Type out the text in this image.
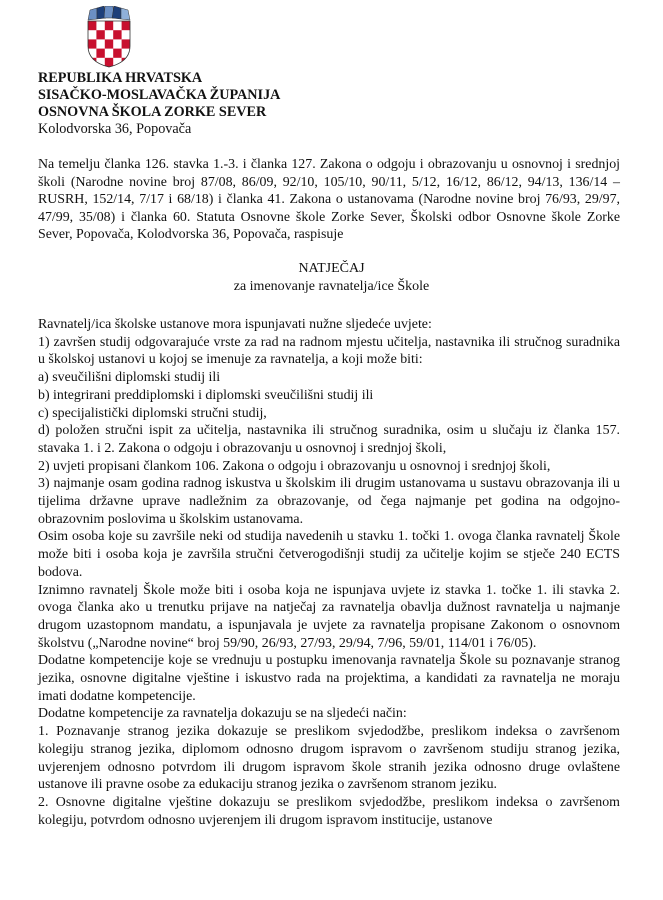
REPUBLIKA HRVATSKA
SISAČKO-MOSLAVAČKA ŽUPANIJA
OSNOVNA ŠKOLA ZORKE SEVER
Kolodvorska 36, Popovača
Na temelju članka 126. stavka 1.-3. i članka 127. Zakona o odgoju i obrazovanju u osnovnoj i srednjoj školi (Narodne novine broj 87/08, 86/09, 92/10, 105/10, 90/11, 5/12, 16/12, 86/12, 94/13, 136/14 – RUSRH, 152/14, 7/17 i 68/18) i članka 41. Zakona o ustanovama (Narodne novine broj 76/93, 29/97, 47/99, 35/08) i članka 60. Statuta Osnovne škole Zorke Sever, Školski odbor Osnovne škole Zorke Sever, Popovača, Kolodvorska 36, Popovača, raspisuje
NATJEČAJ
za imenovanje ravnatelja/ice Škole

Ravnatelj/ica školske ustanove mora ispunjavati nužne sljedeće uvjete:

1) završen studij odgovarajuće vrste za rad na radnom mjestu učitelja, nastavnika ili stručnog suradnika u školskoj ustanovi u kojoj se imenuje za ravnatelja, a koji može biti:

a) sveučilišni diplomski studij ili

b) integrirani preddiplomski i diplomski sveučilišni studij ili

c) specijalistički diplomski stručni studij,

d) položen stručni ispit za učitelja, nastavnika ili stručnog suradnika, osim u slučaju iz članka 157. stavaka 1. i 2. Zakona o odgoju i obrazovanju u osnovnoj i srednjoj školi,

2) uvjeti propisani člankom 106. Zakona o odgoju i obrazovanju u osnovnoj i srednjoj školi,

3) najmanje osam godina radnog iskustva u školskim ili drugim ustanovama u sustavu obrazovanja ili u tijelima državne uprave nadležnim za obrazovanje, od čega najmanje pet godina na odgojno-obrazovnim poslovima u školskim ustanovama.

Osim osoba koje su završile neki od studija navedenih u stavku 1. točki 1. ovoga članka ravnatelj Škole može biti i osoba koja je završila stručni četverogodišnji studij za učitelje kojim se stječe 240 ECTS bodova.

Iznimno ravnatelj Škole može biti i osoba koja ne ispunjava uvjete iz stavka 1. točke 1. ili stavka 2. ovoga članka ako u trenutku prijave na natječaj za ravnatelja obavlja dužnost ravnatelja u najmanje drugom uzastopnom mandatu, a ispunjavala je uvjete za ravnatelja propisane Zakonom o osnovnom školstvu („Narodne novine“ broj 59/90, 26/93, 27/93, 29/94, 7/96, 59/01, 114/01 i 76/05).

Dodatne kompetencije koje se vrednuju u postupku imenovanja ravnatelja Škole su poznavanje stranog jezika, osnovne digitalne vještine i iskustvo rada na projektima, a kandidati za ravnatelja ne moraju imati dodatne kompetencije.

Dodatne kompetencije za ravnatelja dokazuju se na sljedeći način:

1. Poznavanje stranog jezika dokazuje se preslikom svjedodžbe, preslikom indeksa o završenom kolegiju stranog jezika, diplomom odnosno drugom ispravom o završenom studiju stranog jezika, uvjerenjem odnosno potvrdom ili drugom ispravom škole stranih jezika odnosno druge ovlaštene ustanove ili pravne osobe za edukaciju stranog jezika o završenom stranom jeziku.

2. Osnovne digitalne vještine dokazuju se preslikom svjedodžbe, preslikom indeksa o završenom kolegiju, potvrdom odnosno uvjerenjem ili drugom ispravom institucije, ustanove
